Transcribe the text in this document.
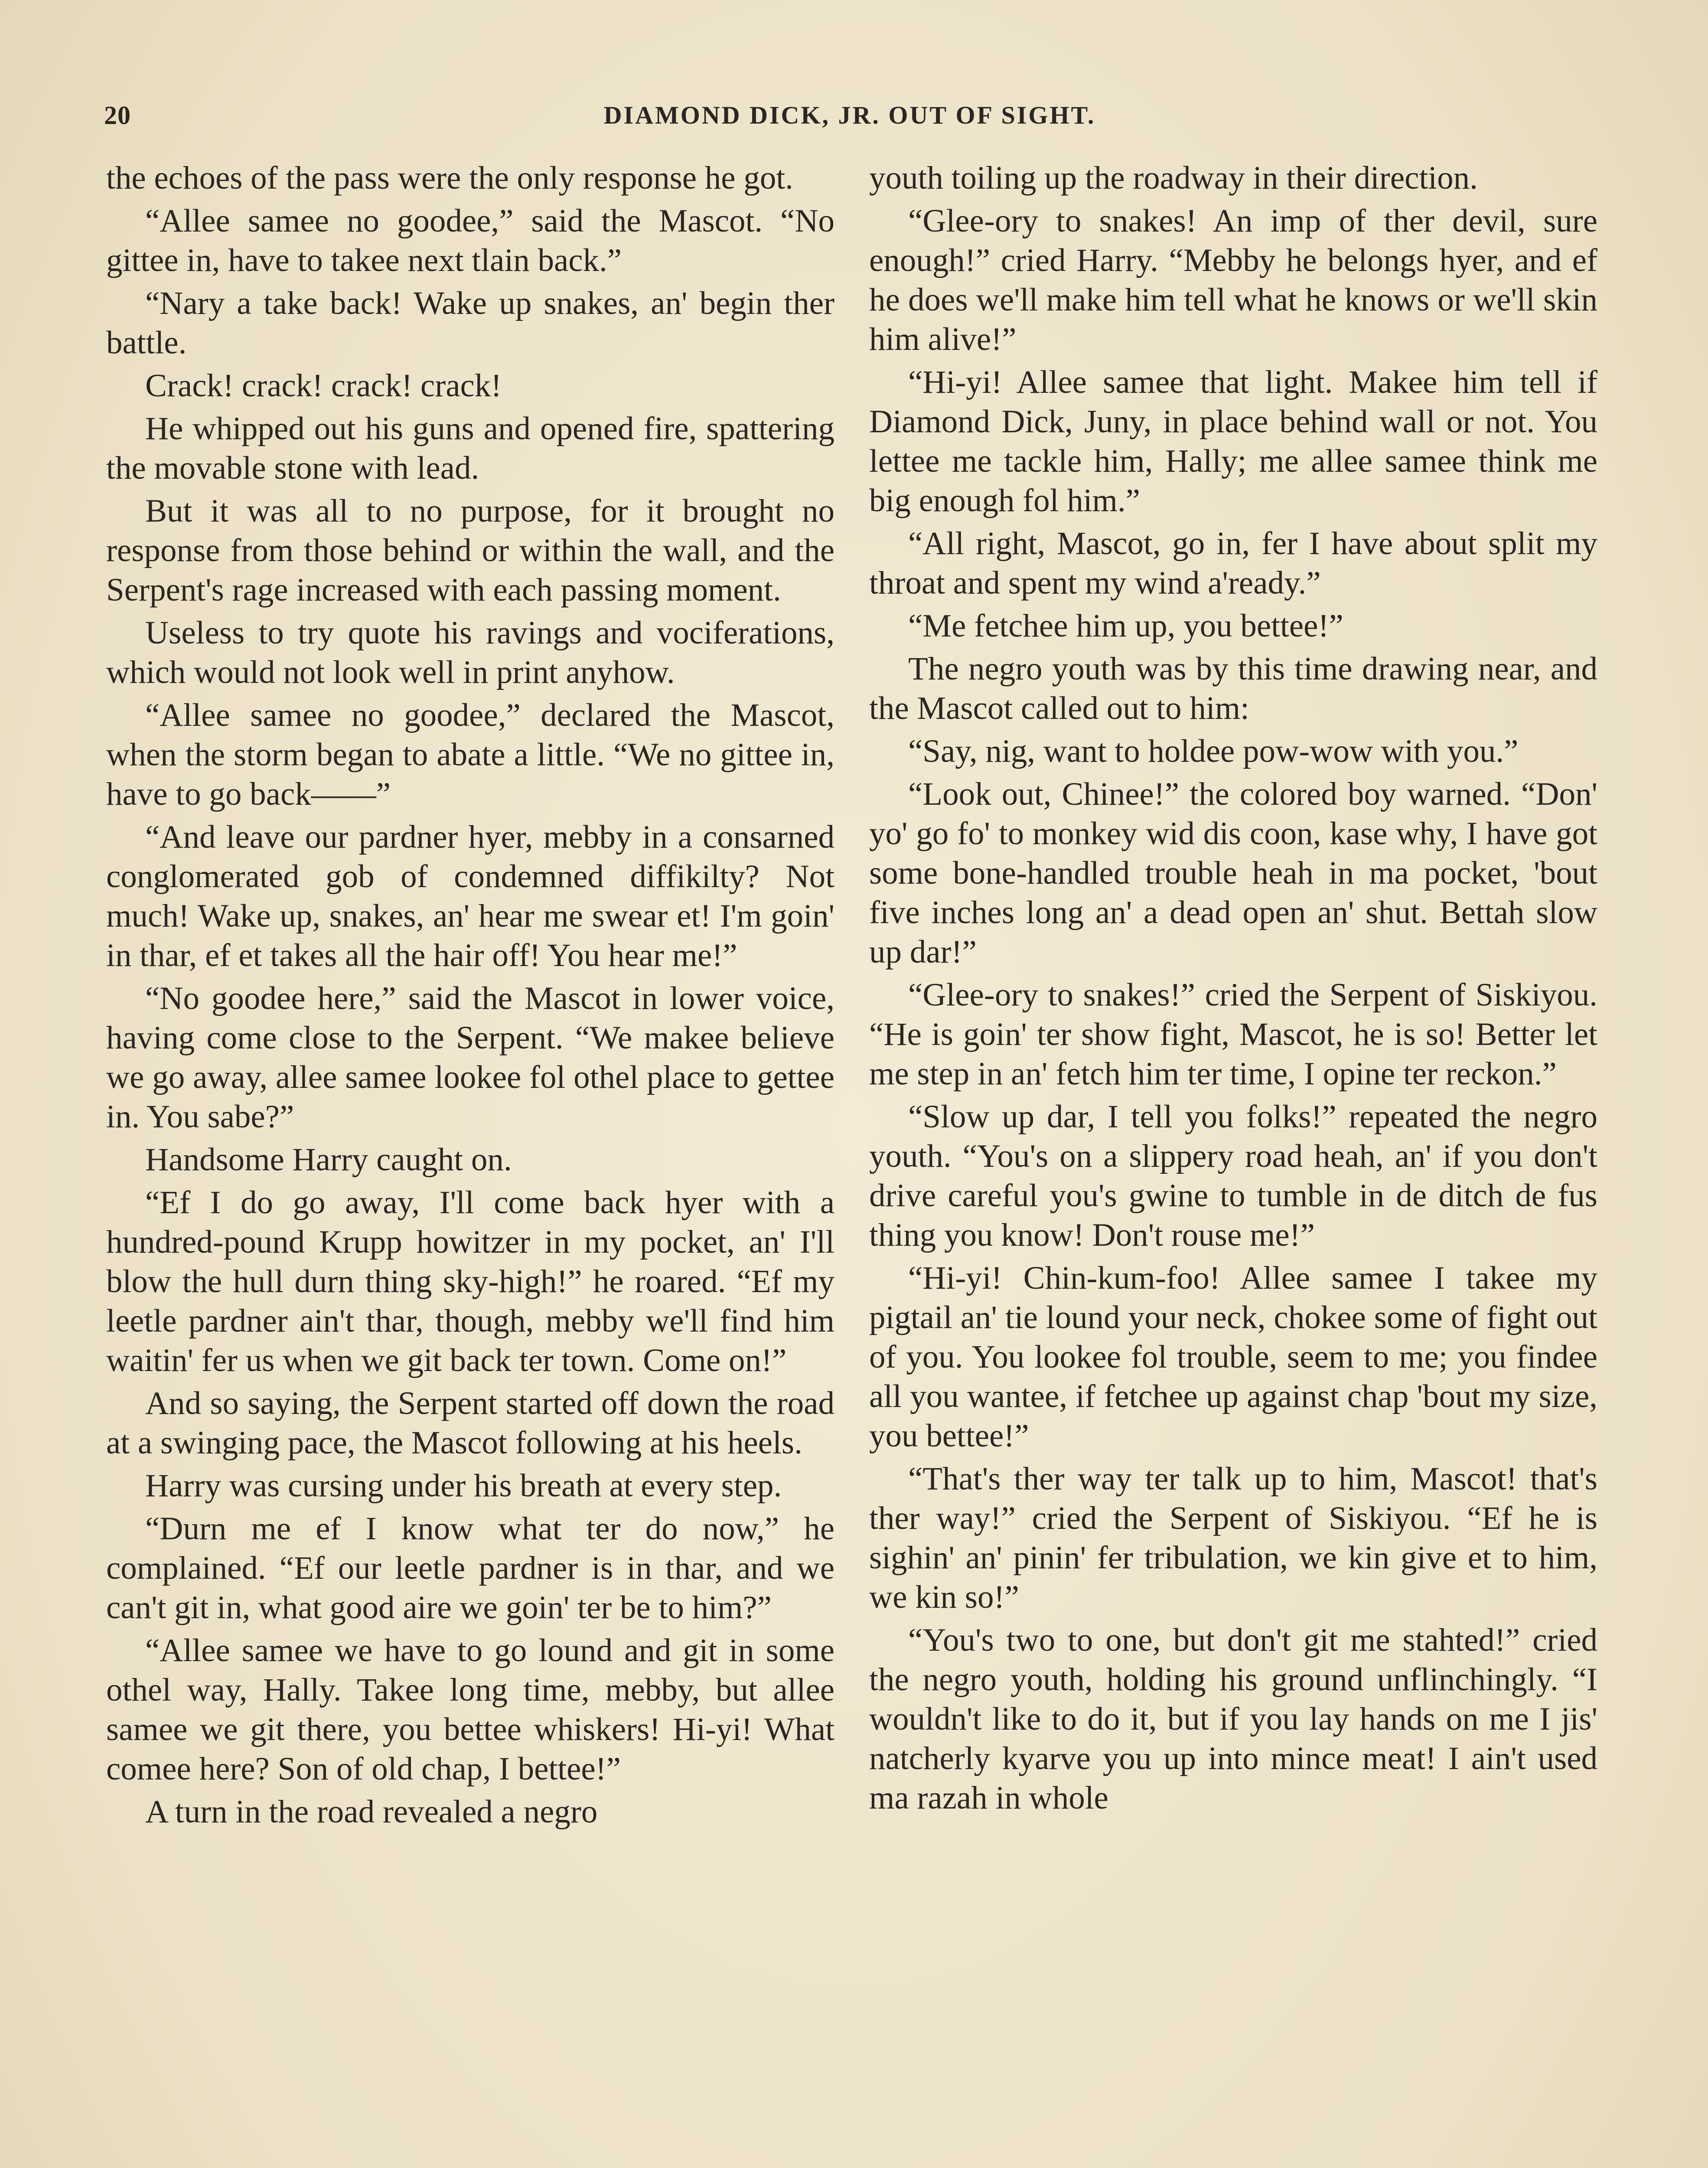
20	DIAMOND DICK, JR. OUT OF SIGHT.

the echoes of the pass were the only response he got.

“Allee samee no goodee,” said the Mascot. “No gittee in, have to takee next tlain back.”

“Nary a take back! Wake up snakes, an' begin ther battle.

Crack! crack! crack! crack!

He whipped out his guns and opened fire, spattering the movable stone with lead.

But it was all to no purpose, for it brought no response from those behind or within the wall, and the Serpent's rage increased with each passing moment.

Useless to try quote his ravings and vociferations, which would not look well in print anyhow.

“Allee samee no goodee,” declared the Mascot, when the storm began to abate a little. “We no gittee in, have to go back——”

“And leave our pardner hyer, mebby in a consarned conglomerated gob of condemned diffikilty? Not much! Wake up, snakes, an' hear me swear et! I'm goin' in thar, ef et takes all the hair off! You hear me!”

“No goodee here,” said the Mascot in lower voice, having come close to the Serpent. “We makee believe we go away, allee samee lookee fol othel place to gettee in. You sabe?”

Handsome Harry caught on.

“Ef I do go away, I'll come back hyer with a hundred-pound Krupp howitzer in my pocket, an' I'll blow the hull durn thing sky-high!” he roared. “Ef my leetle pardner ain't thar, though, mebby we'll find him waitin' fer us when we git back ter town. Come on!”

And so saying, the Serpent started off down the road at a swinging pace, the Mascot following at his heels.

Harry was cursing under his breath at every step.

“Durn me ef I know what ter do now,” he complained. “Ef our leetle pardner is in thar, and we can't git in, what good aire we goin' ter be to him?”

“Allee samee we have to go lound and git in some othel way, Hally. Takee long time, mebby, but allee samee we git there, you bettee whiskers! Hi-yi! What comee here? Son of old chap, I bettee!”

A turn in the road revealed a negro

youth toiling up the roadway in their direction.

“Glee-ory to snakes! An imp of ther devil, sure enough!” cried Harry. “Mebby he belongs hyer, and ef he does we'll make him tell what he knows or we'll skin him alive!”

“Hi-yi! Allee samee that light. Makee him tell if Diamond Dick, Juny, in place behind wall or not. You lettee me tackle him, Hally; me allee samee think me big enough fol him.”

“All right, Mascot, go in, fer I have about split my throat and spent my wind a'ready.”

“Me fetchee him up, you bettee!”

The negro youth was by this time drawing near, and the Mascot called out to him:

“Say, nig, want to holdee pow-wow with you.”

“Look out, Chinee!” the colored boy warned. “Don' yo' go fo' to monkey wid dis coon, kase why, I have got some bone-handled trouble heah in ma pocket, 'bout five inches long an' a dead open an' shut. Bettah slow up dar!”

“Glee-ory to snakes!” cried the Serpent of Siskiyou. “He is goin' ter show fight, Mascot, he is so! Better let me step in an' fetch him ter time, I opine ter reckon.”

“Slow up dar, I tell you folks!” repeated the negro youth. “You's on a slippery road heah, an' if you don't drive careful you's gwine to tumble in de ditch de fus thing you know! Don't rouse me!”

“Hi-yi! Chin-kum-foo! Allee samee I takee my pigtail an' tie lound your neck, chokee some of fight out of you. You lookee fol trouble, seem to me; you findee all you wantee, if fetchee up against chap 'bout my size, you bettee!”

“That's ther way ter talk up to him, Mascot! that's ther way!” cried the Serpent of Siskiyou. “Ef he is sighin' an' pinin' fer tribulation, we kin give et to him, we kin so!”

“You's two to one, but don't git me stahted!” cried the negro youth, holding his ground unflinchingly. “I wouldn't like to do it, but if you lay hands on me I jis' natcherly kyarve you up into mince meat! I ain't used ma razah in whole
